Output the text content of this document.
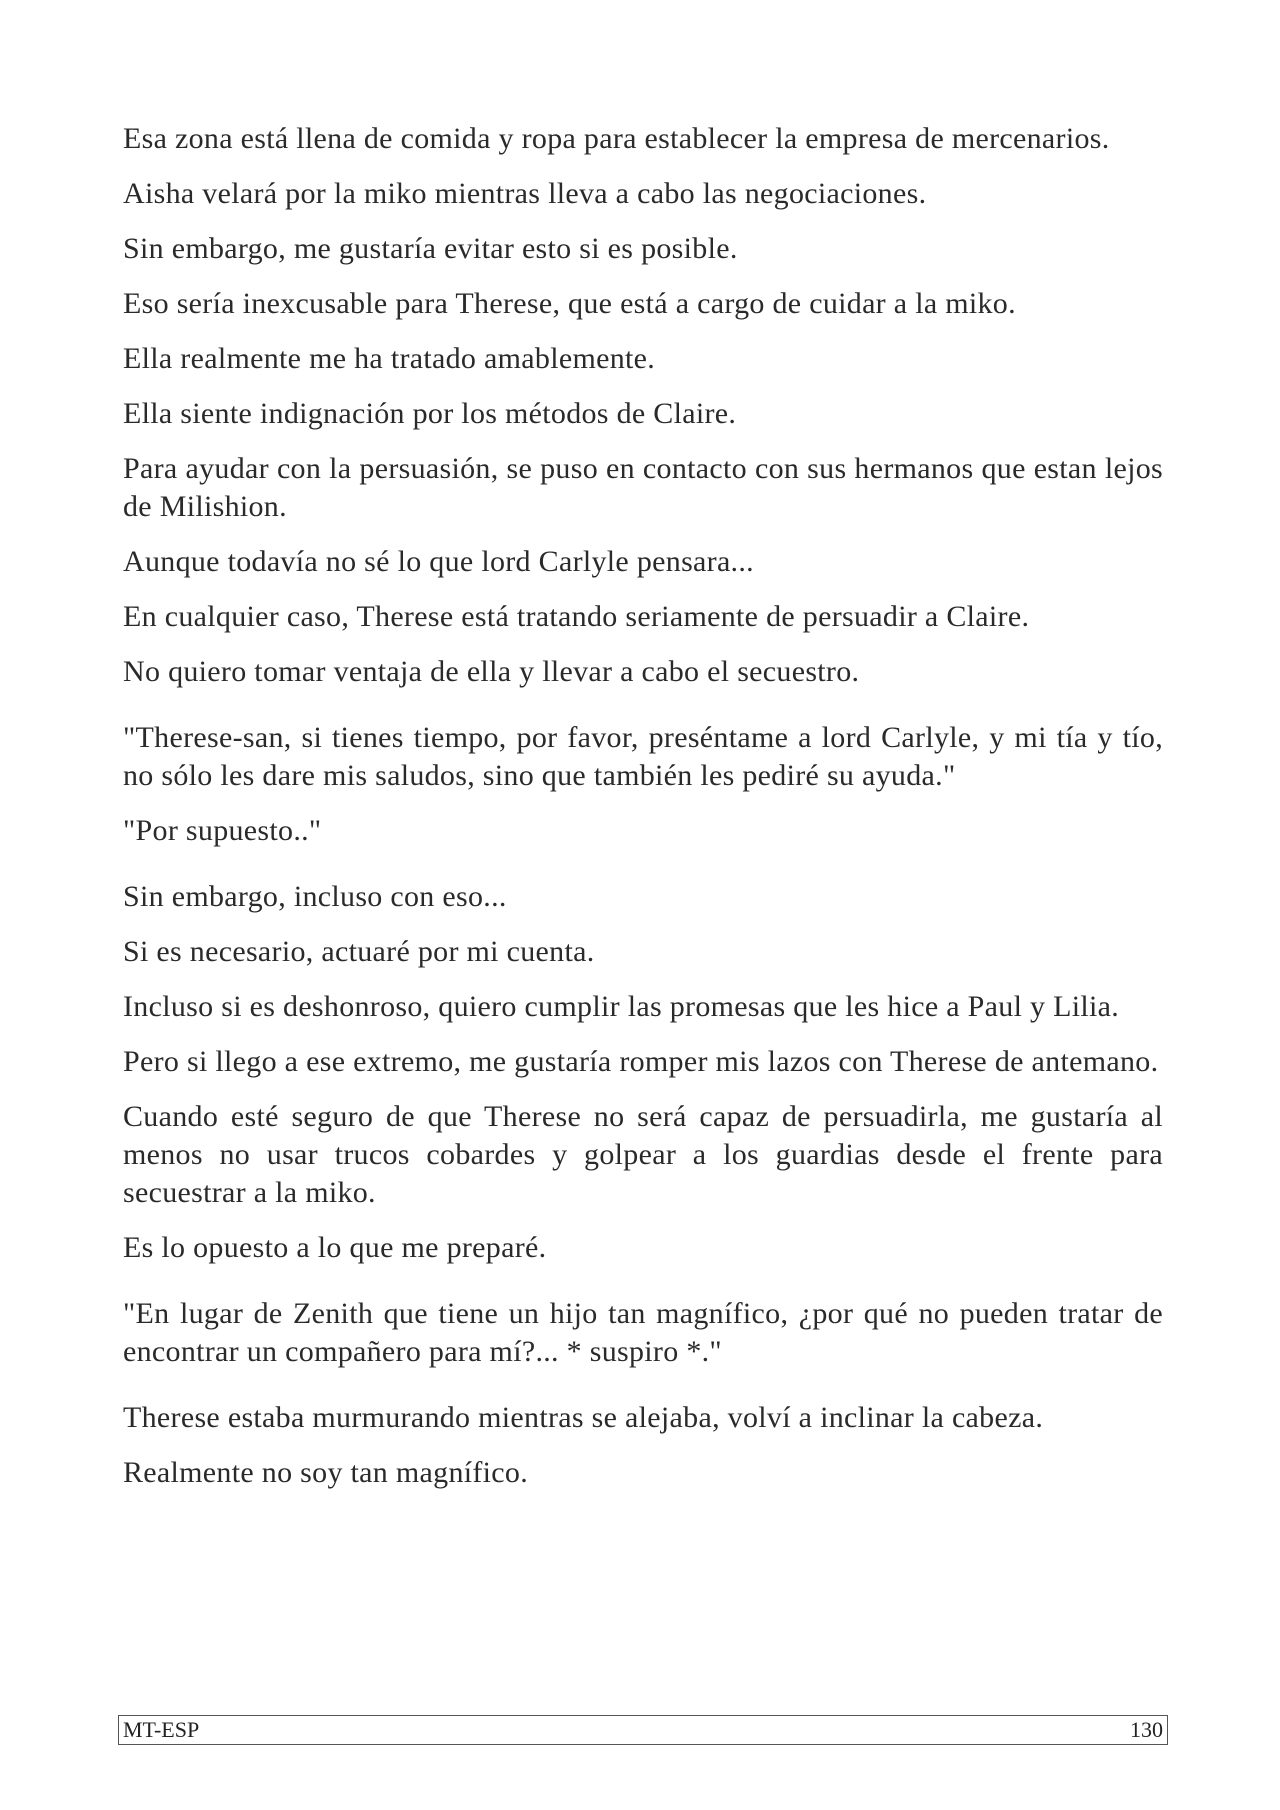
Esa zona está llena de comida y ropa para establecer la empresa de mercenarios.

Aisha velará por la miko mientras lleva a cabo las negociaciones.

Sin embargo, me gustaría evitar esto si es posible.

Eso sería inexcusable para Therese, que está a cargo de cuidar a la miko.

Ella realmente me ha tratado amablemente.

Ella siente indignación por los métodos de Claire.

Para ayudar con la persuasión, se puso en contacto con sus hermanos que estan lejos de Milishion.

Aunque todavía no sé lo que lord Carlyle pensara...

En cualquier caso, Therese está tratando seriamente de persuadir a Claire.

No quiero tomar ventaja de ella y llevar a cabo el secuestro.

"Therese-san, si tienes tiempo, por favor, preséntame a lord Carlyle, y mi tía y tío, no sólo les dare mis saludos, sino que también les pediré su ayuda."

"Por supuesto.."

Sin embargo, incluso con eso...

Si es necesario, actuaré por mi cuenta.

Incluso si es deshonroso, quiero cumplir las promesas que les hice a Paul y Lilia.

Pero si llego a ese extremo, me gustaría romper mis lazos con Therese de antemano.

Cuando esté seguro de que Therese no será capaz de persuadirla, me gustaría al menos no usar trucos cobardes y golpear a los guardias desde el frente para secuestrar a la miko.

Es lo opuesto a lo que me preparé.

"En lugar de Zenith que tiene un hijo tan magnífico, ¿por qué no pueden tratar de encontrar un compañero para mí?... * suspiro *."

Therese estaba murmurando mientras se alejaba, volví a inclinar la cabeza.

Realmente no soy tan magnífico.

MT-ESP	130
